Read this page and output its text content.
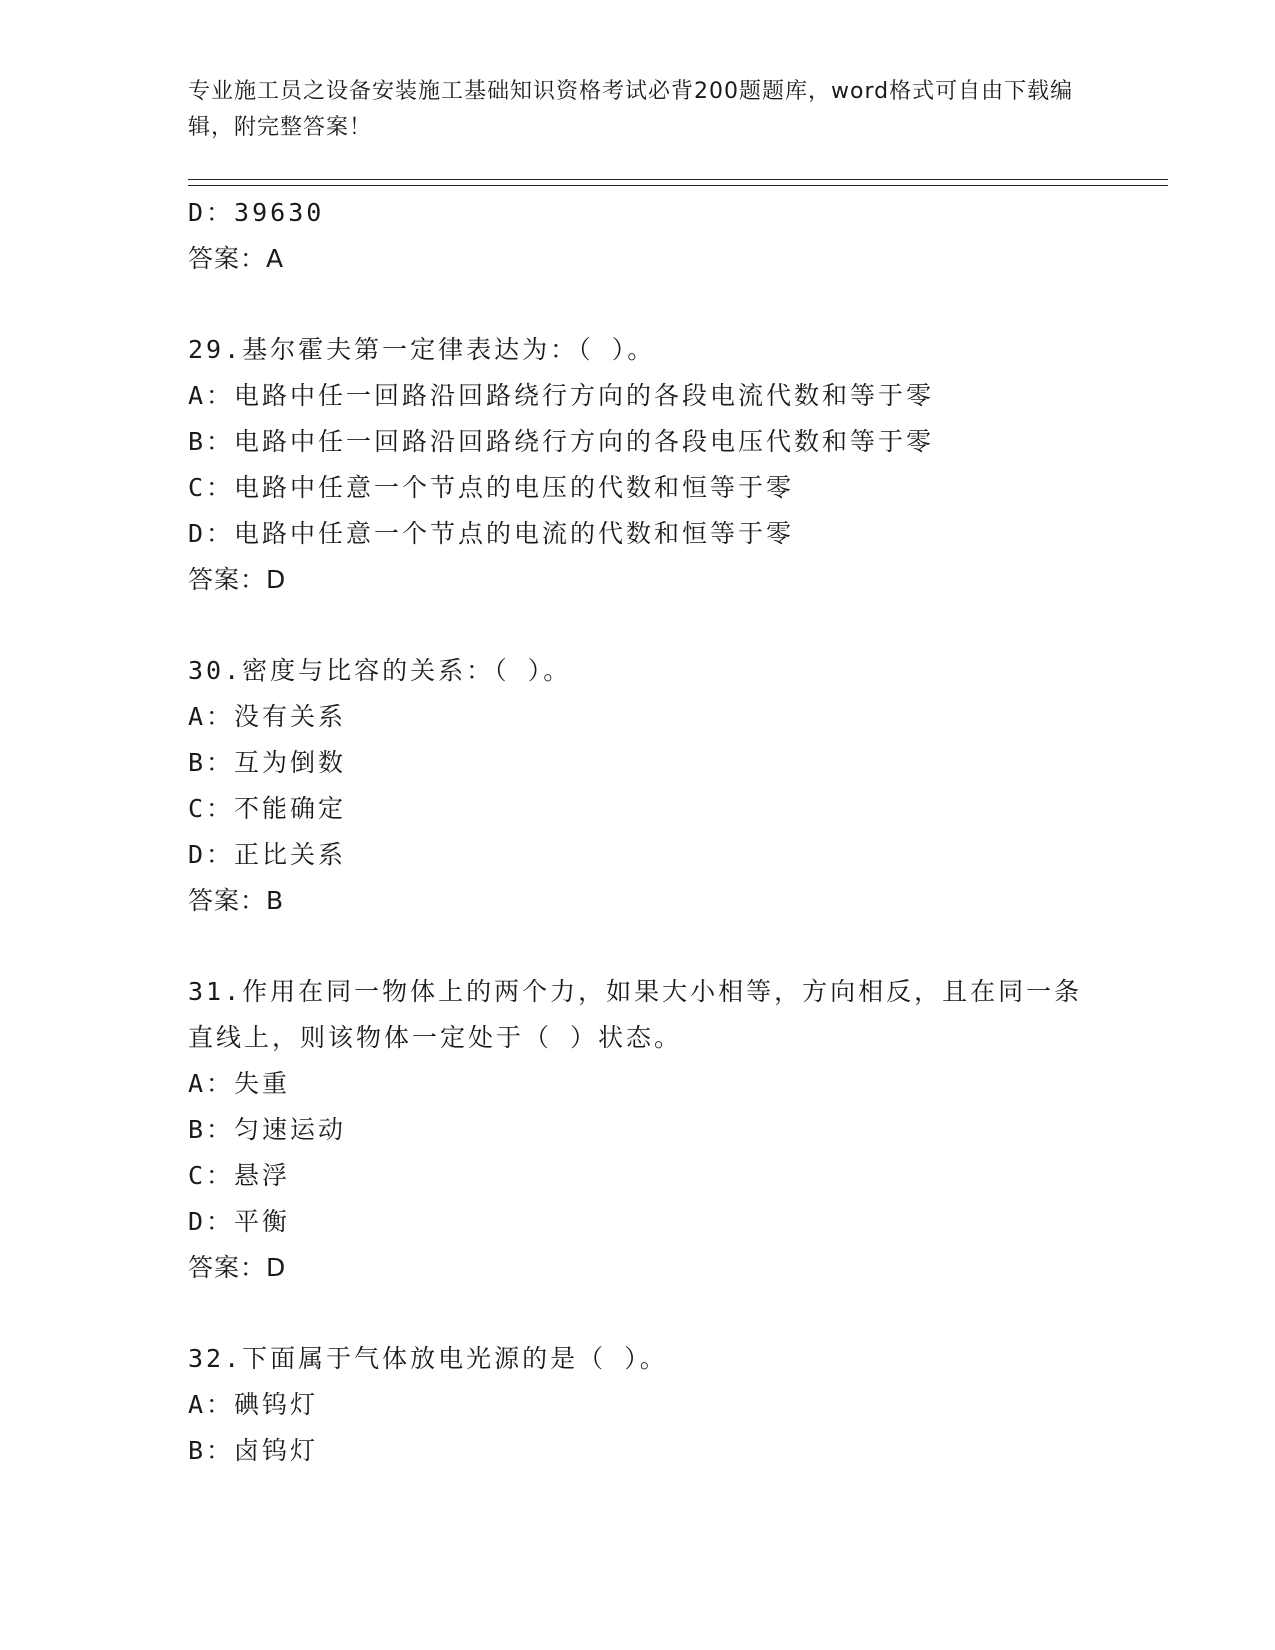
专业施工员之设备安装施工基础知识资格考试必背200题题库，word格式可自由下载编辑，附完整答案！
D：39630
答案：A
29.基尔霍夫第一定律表达为：（ ）。
A：电路中任一回路沿回路绕行方向的各段电流代数和等于零
B：电路中任一回路沿回路绕行方向的各段电压代数和等于零
C：电路中任意一个节点的电压的代数和恒等于零
D：电路中任意一个节点的电流的代数和恒等于零
答案：D
30.密度与比容的关系：（ ）。
A：没有关系
B：互为倒数
C：不能确定
D：正比关系
答案：B
31.作用在同一物体上的两个力，如果大小相等，方向相反，且在同一条直线上，则该物体一定处于（ ）状态。
A：失重
B：匀速运动
C：悬浮
D：平衡
答案：D
32.下面属于气体放电光源的是（ ）。
A：碘钨灯
B：卤钨灯
